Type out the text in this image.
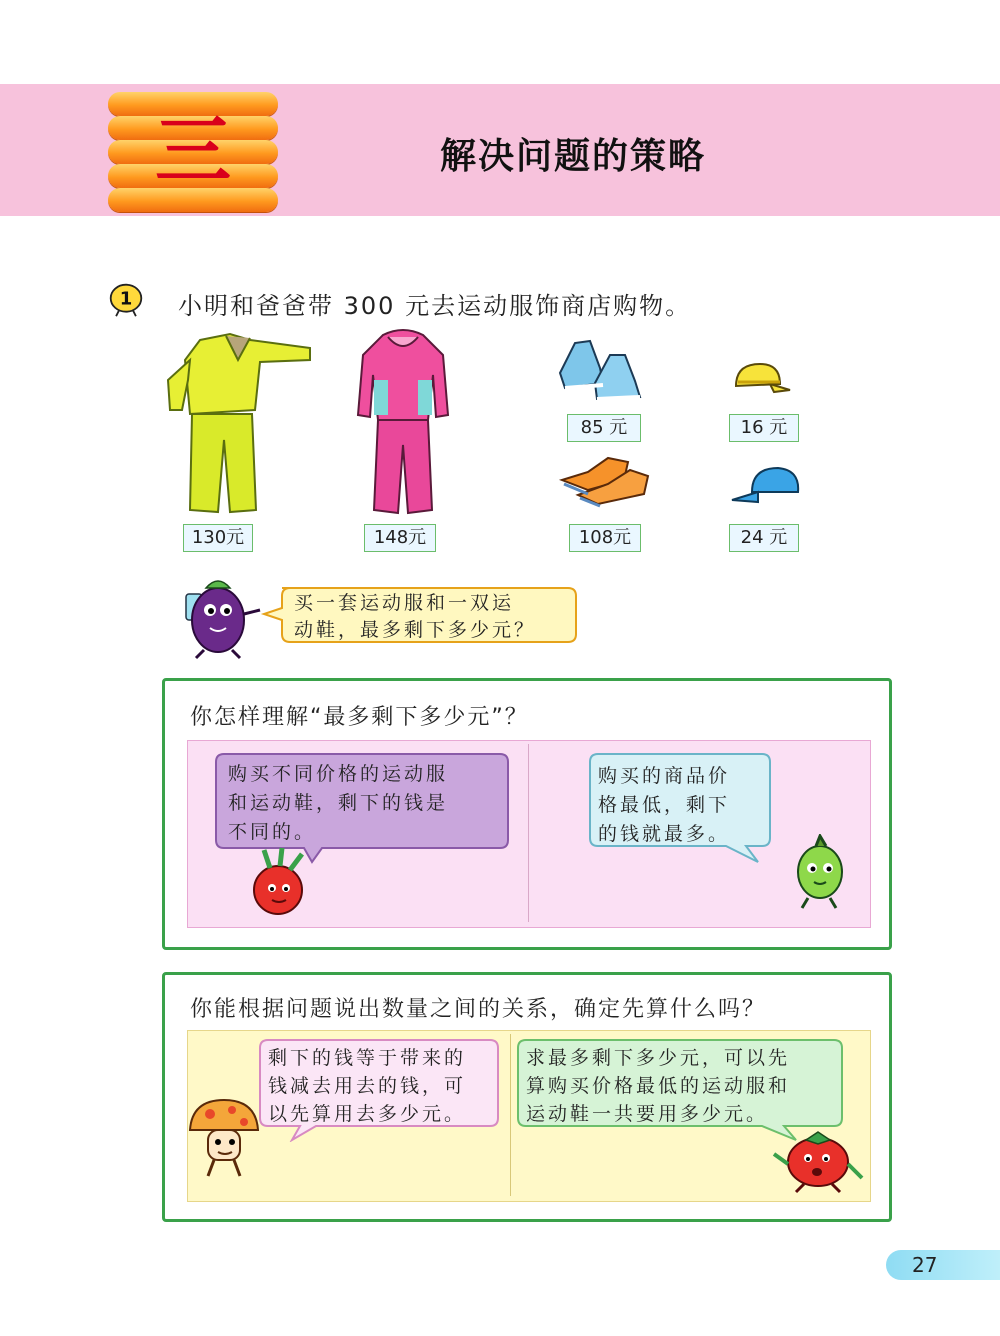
三	解决问题的策略
1 小明和爸爸带 300 元去运动服饰商店购物。
130元	148元
85 元
108元
16 元
24 元
买一套运动服和一双运
动鞋，最多剩下多少元？
你怎样理解“最多剩下多少元”？
购买不同价格的运动服
和运动鞋，剩下的钱是
不同的。
购买的商品价
格最低，剩下
的钱就最多。
你能根据问题说出数量之间的关系，确定先算什么吗？
剩下的钱等于带来的
钱减去用去的钱，可
以先算用去多少元。
求最多剩下多少元，可以先
算购买价格最低的运动服和
运动鞋一共要用多少元。
27
